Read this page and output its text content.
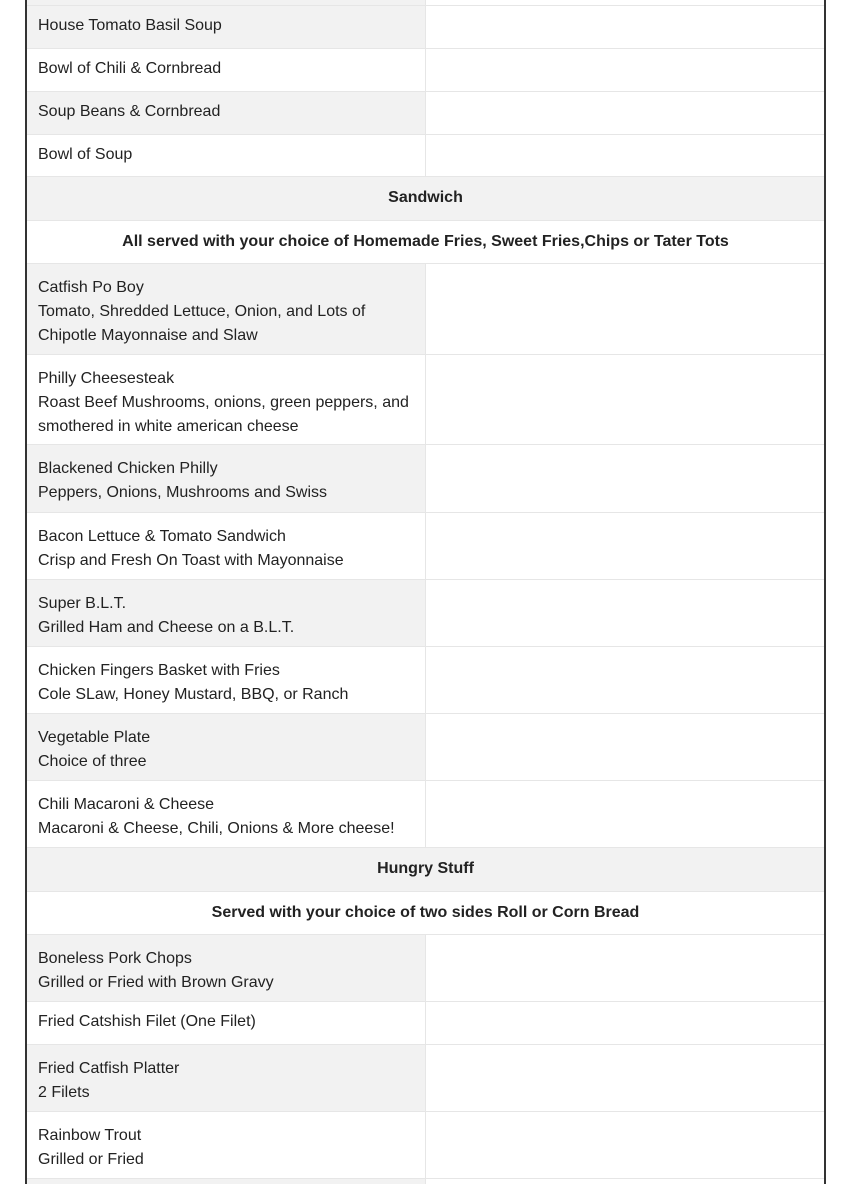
House Tomato Basil Soup
Bowl of Chili & Cornbread
Soup Beans & Cornbread
Bowl of Soup
Sandwich
All served with your choice of Homemade Fries, Sweet Fries,Chips or Tater Tots
Catfish Po Boy
Tomato, Shredded Lettuce, Onion, and Lots of Chipotle Mayonnaise and Slaw
Philly Cheesesteak
Roast Beef Mushrooms, onions, green peppers, and smothered in white american cheese
Blackened Chicken Philly
Peppers, Onions, Mushrooms and Swiss
Bacon Lettuce & Tomato Sandwich
Crisp and Fresh On Toast with Mayonnaise
Super B.L.T.
Grilled Ham and Cheese on a B.L.T.
Chicken Fingers Basket with Fries
Cole SLaw, Honey Mustard, BBQ, or Ranch
Vegetable Plate
Choice of three
Chili Macaroni & Cheese
Macaroni & Cheese, Chili, Onions & More cheese!
Hungry Stuff
Served with your choice of two sides Roll or Corn Bread
Boneless Pork Chops
Grilled or Fried with Brown Gravy
Fried Catshish Filet (One Filet)
Fried Catfish Platter
2 Filets
Rainbow Trout
Grilled or Fried
